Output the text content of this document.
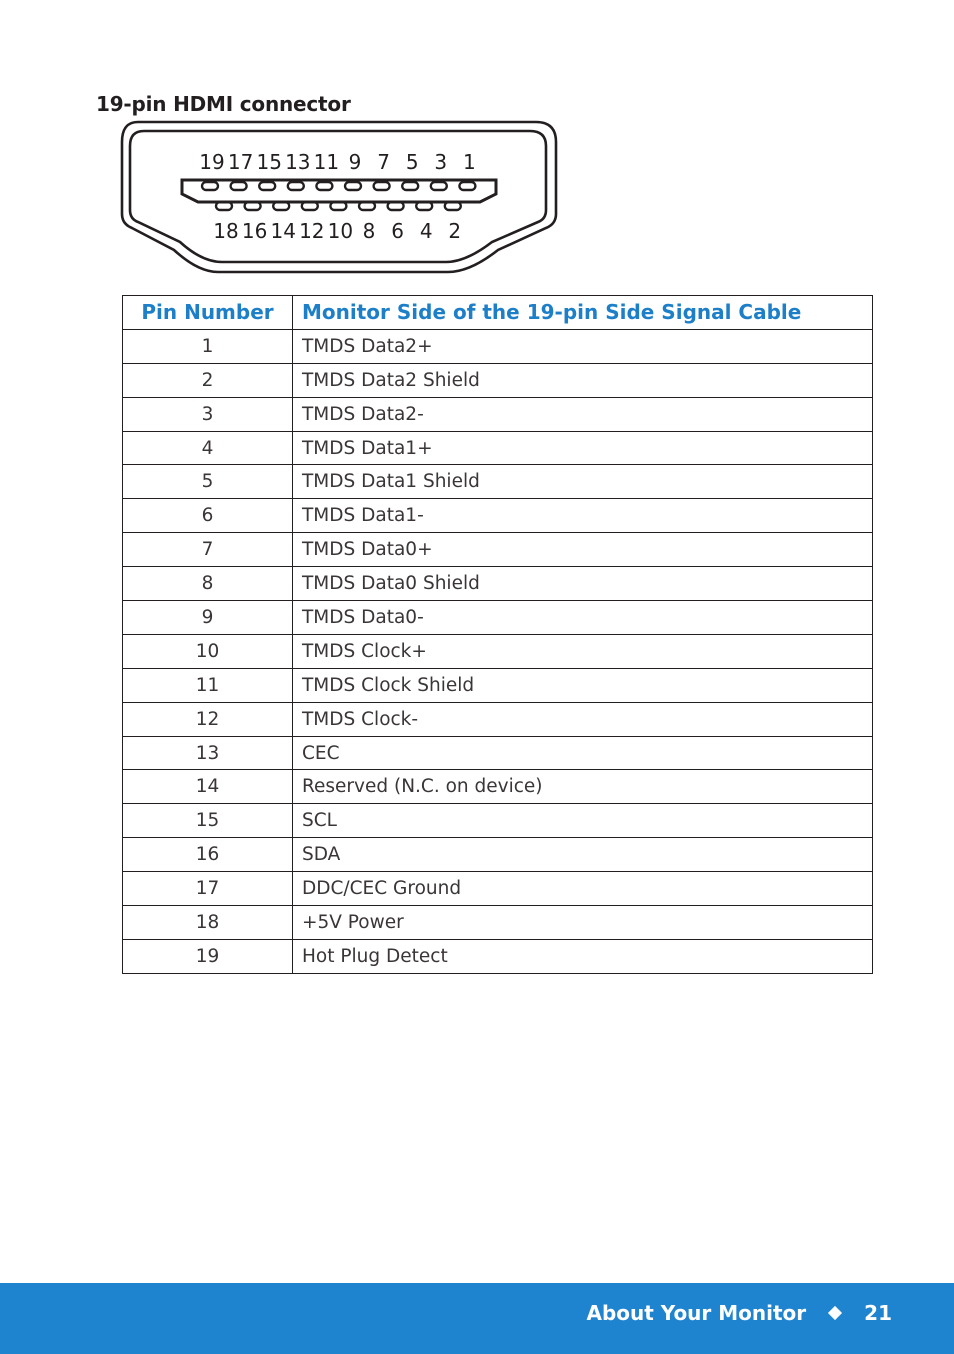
19-pin HDMI connector
19 17 15 13 11 9 7 5 3 1
18 16 14 12 10 8 6 4 2
Pin Number	Monitor Side of the 19-pin Side Signal Cable
1	TMDS Data2+
2	TMDS Data2 Shield
3	TMDS Data2-
4	TMDS Data1+
5	TMDS Data1 Shield
6	TMDS Data1-
7	TMDS Data0+
8	TMDS Data0 Shield
9	TMDS Data0-
10	TMDS Clock+
11	TMDS Clock Shield
12	TMDS Clock-
13	CEC
14	Reserved (N.C. on device)
15	SCL
16	SDA
17	DDC/CEC Ground
18	+5V Power
19	Hot Plug Detect
About Your Monitor	21
